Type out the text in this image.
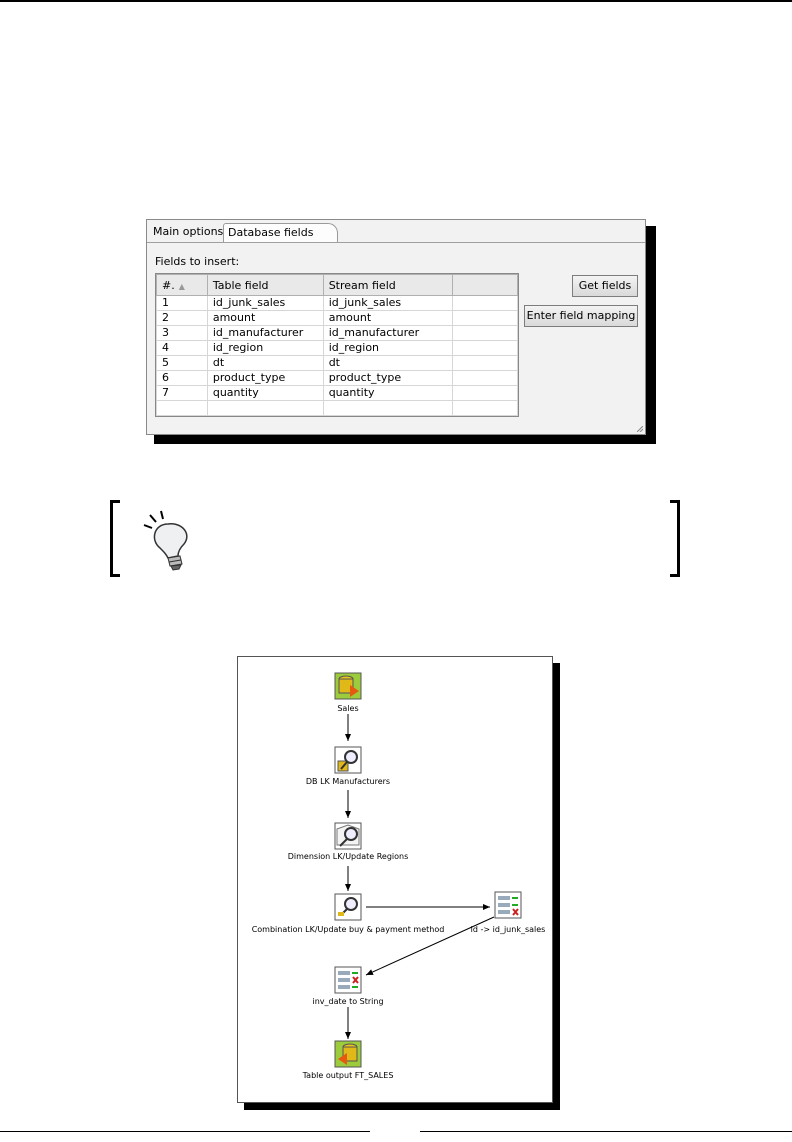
Main options Database fields
Fields to insert:
#. ▲	Table field	Stream field	
1	id_junk_sales	id_junk_sales	
2	amount	amount	
3	id_manufacturer	id_manufacturer	
4	id_region	id_region	
5	dt	dt	
6	product_type	product_type	
7	quantity	quantity	

Get fields
Enter field mapping
Sales
DB LK Manufacturers
Dimension LK/Update Regions
Combination LK/Update buy & payment method	id -> id_junk_sales
inv_date to String
Table output FT_SALES
